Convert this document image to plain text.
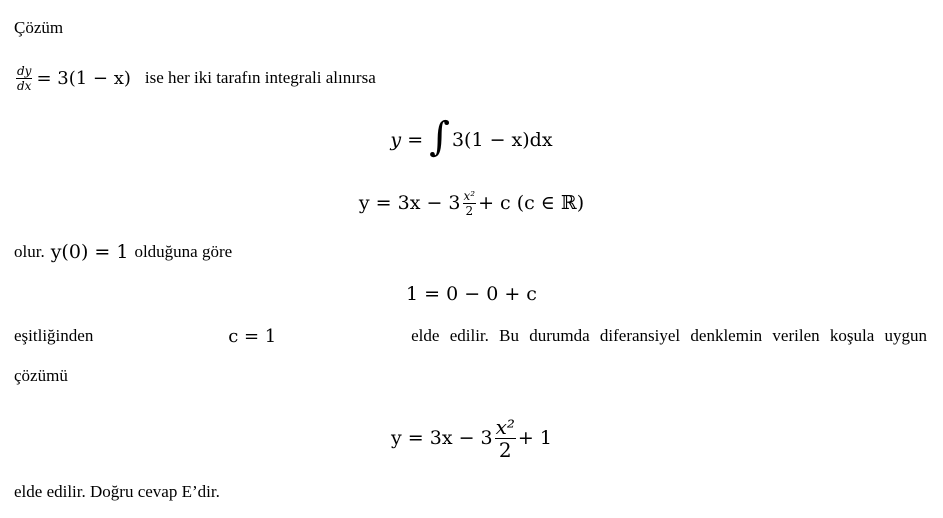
Çözüm
$\frac{dy}{dx} = 3(1 - x)$ ise her iki tarafın integrali alınırsa
y = ∫ 3(1 − x)dx
$y = 3x - 3 \frac{\text{x²}}{2} + c$ (c ∈ ℝ)
olur. y(0) = 1 olduğuna göre
1 = 0 − 0 + c
eşitliğinden	c = 1	elde edilir. Bu durumda diferansiyel denklemin verilen koşula uygun
çözümü
$y = 3x - 3 \frac{\text{x²}}{2} + 1$
elde edilir. Doğru cevap E’dir.
